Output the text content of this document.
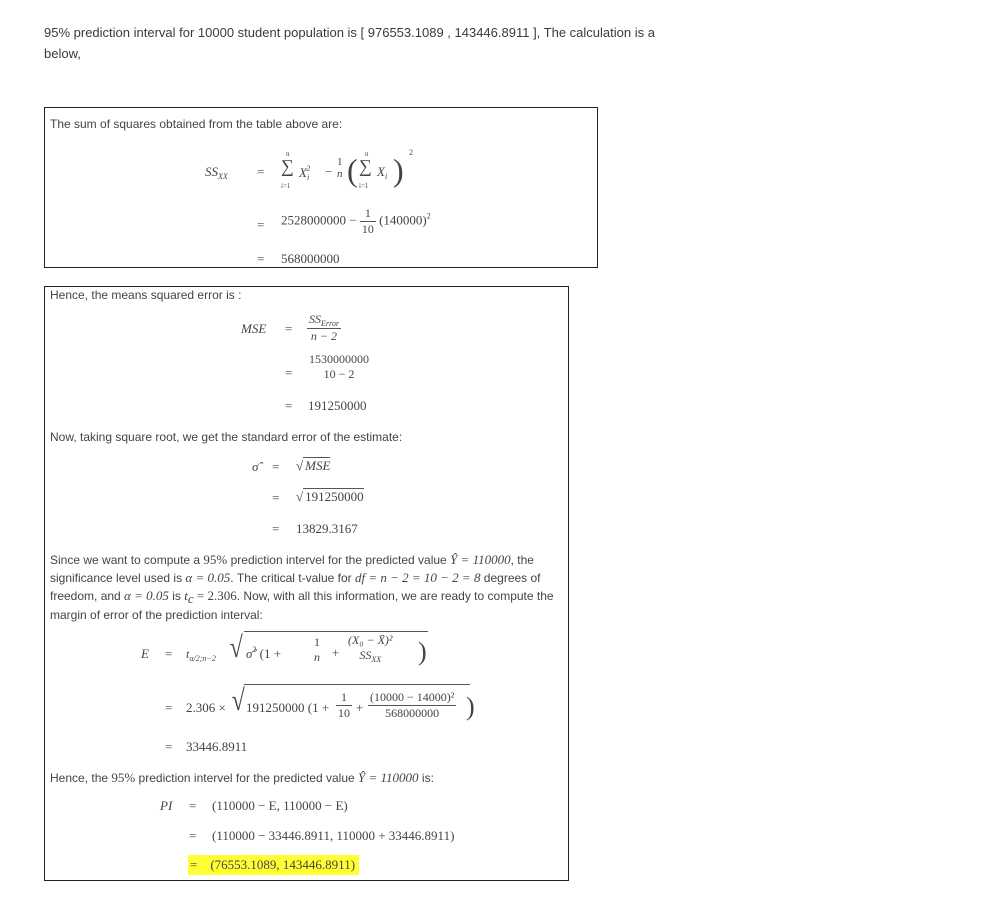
95% prediction interval for 10000 student population is [ 976553.1089 , 143446.8911 ], The calculation is a
below,
The sum of squares obtained from the table above are:
$SS_{XX}$ =
n
∑
i=1
$X_i^2$ −
1
n ( n
∑
i=1
$X_i$ ) 2
= $2528000000 - \frac{1}{10} (140000)^2$
= 568000000
Hence, the means squared error is :
MSE = $\frac{SS_{Error}}{n - 2}$
=
1530000000
10 − 2
= 191250000
Now, taking square root, we get the standard error of the estimate:
σ̂ = √ MSE
= √ 191250000
= 13829.3167
Since we want to compute a 95% prediction intervel for the predicted value Ŷ = 110000, the significance level used is α = 0.05. The critical t-value for df = n − 2 = 10 − 2 = 8 degrees of freedom, and α = 0.05 is tc = 2.306. Now, with all this information, we are ready to compute the margin of error of the prediction interval:
$E = t_{\alpha/2;n-2}$ √ σ̂$^2$ (1 +
1
n +
(X₀ − X̄)²
$SS_{XX}$	)
= 2.306 × √ 191250000 ($1 + \frac{1}{10} + \frac{\text{(10000 − 14000)²}}{568000000}$ )
= 33446.8911
Hence, the 95% prediction intervel for the predicted value Ŷ = 110000 is:
PI = (110000 − E, 110000 − E)
= (110000 − 33446.8911, 110000 + 33446.8911)
= (76553.1089, 143446.8911)
